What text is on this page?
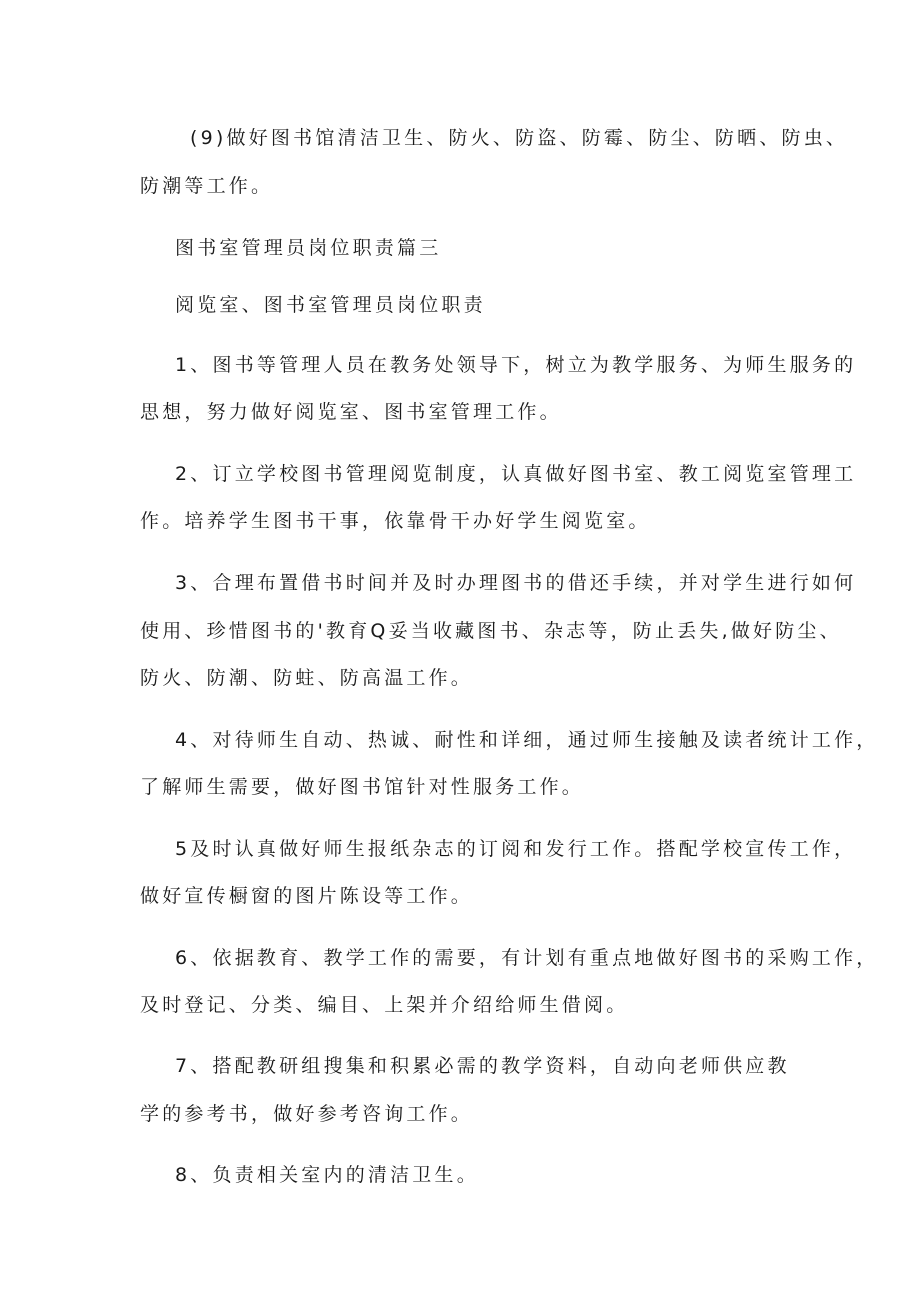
(9)做好图书馆清洁卫生、防火、防盗、防霉、防尘、防晒、防虫、
防潮等工作。
图书室管理员岗位职责篇三
阅览室、图书室管理员岗位职责
1、图书等管理人员在教务处领导下，树立为教学服务、为师生服务的
思想，努力做好阅览室、图书室管理工作。
2、订立学校图书管理阅览制度，认真做好图书室、教工阅览室管理工
作。培养学生图书干事，依靠骨干办好学生阅览室。
3、合理布置借书时间并及时办理图书的借还手续，并对学生进行如何
使用、珍惜图书的'教育Q妥当收藏图书、杂志等，防止丢失,做好防尘、
防火、防潮、防蛀、防高温工作。
4、对待师生自动、热诚、耐性和详细，通过师生接触及读者统计工作，
了解师生需要，做好图书馆针对性服务工作。
5及时认真做好师生报纸杂志的订阅和发行工作。搭配学校宣传工作，
做好宣传橱窗的图片陈设等工作。
6、依据教育、教学工作的需要，有计划有重点地做好图书的采购工作，
及时登记、分类、编目、上架并介绍给师生借阅。
7、搭配教研组搜集和积累必需的教学资料，自动向老师供应教
学的参考书，做好参考咨询工作。
8、负责相关室内的清洁卫生。
